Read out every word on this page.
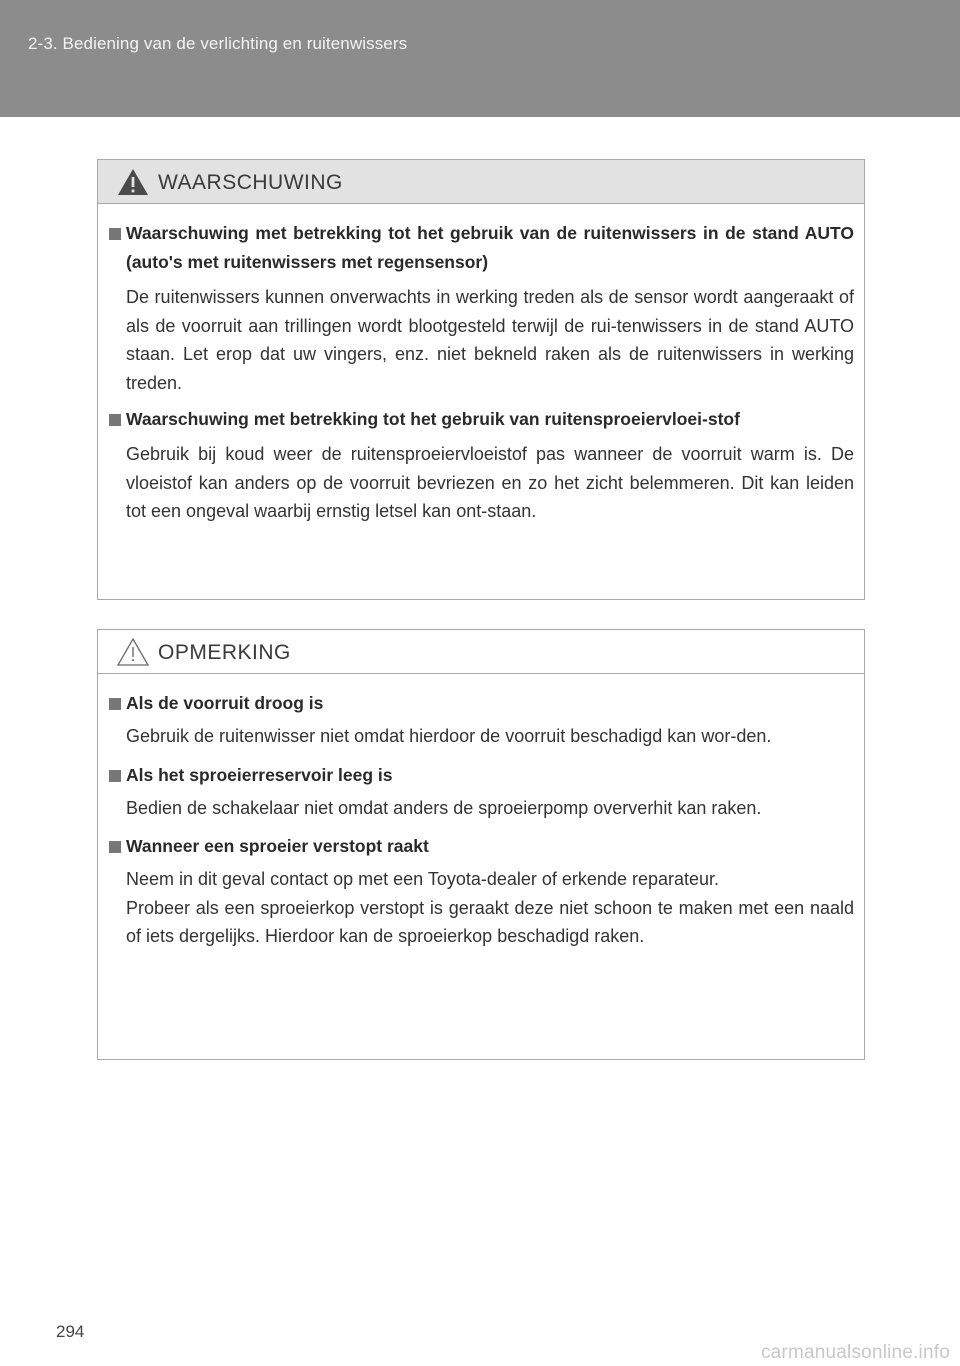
2-3. Bediening van de verlichting en ruitenwissers
WAARSCHUWING
Waarschuwing met betrekking tot het gebruik van de ruitenwissers in de stand AUTO (auto's met ruitenwissers met regensensor)
De ruitenwissers kunnen onverwachts in werking treden als de sensor wordt aangeraakt of als de voorruit aan trillingen wordt blootgesteld terwijl de rui-tenwissers in de stand AUTO staan. Let erop dat uw vingers, enz. niet bekneld raken als de ruitenwissers in werking treden.
Waarschuwing met betrekking tot het gebruik van ruitensproeiervloei-stof
Gebruik bij koud weer de ruitensproeiervloeistof pas wanneer de voorruit warm is. De vloeistof kan anders op de voorruit bevriezen en zo het zicht belemmeren. Dit kan leiden tot een ongeval waarbij ernstig letsel kan ont-staan.
OPMERKING
Als de voorruit droog is
Gebruik de ruitenwisser niet omdat hierdoor de voorruit beschadigd kan wor-den.
Als het sproeierreservoir leeg is
Bedien de schakelaar niet omdat anders de sproeierpomp oververhit kan raken.
Wanneer een sproeier verstopt raakt
Neem in dit geval contact op met een Toyota-dealer of erkende reparateur.
Probeer als een sproeierkop verstopt is geraakt deze niet schoon te maken met een naald of iets dergelijks. Hierdoor kan de sproeierkop beschadigd raken.
294
carmanualsonline.info
